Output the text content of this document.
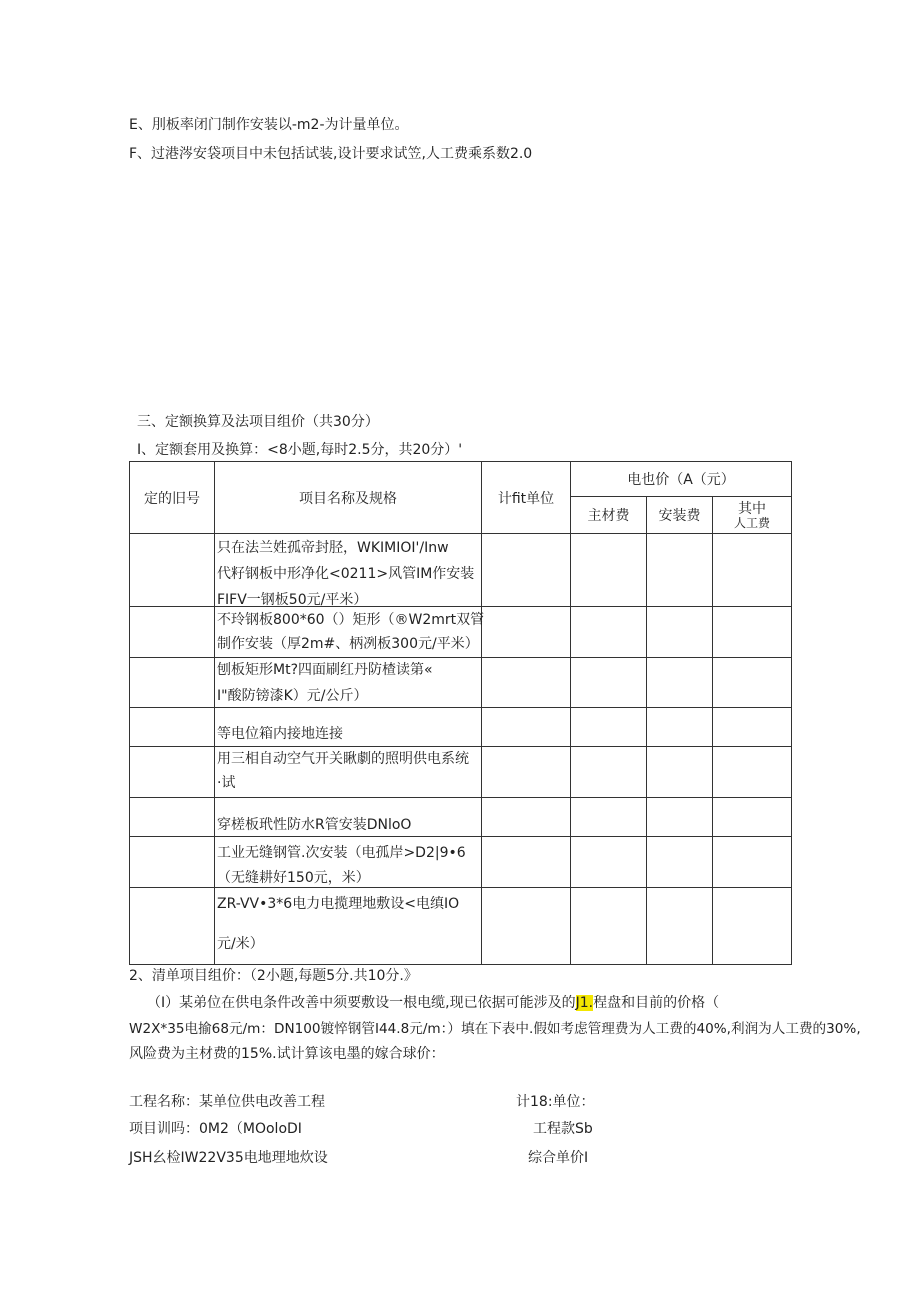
E、刖板率闭门制作安装以-m2-为计量单位。
F、过港涔安袋项目中未包括试装,设计要求试笠,人工费乘系数2.0
三、定额换算及法项目组价（共30分）
I、定额套用及换算：<8小题,每时2.5分，共20分）'
定的旧号	项目名称及规格	计fit单位	电也价（A（元）		
			主材费	安装费	其中
人工费

	只在法兰姓孤帝封胫，WKIMIOI'/Inw
代籽钢板中形净化<0211>风管IM作安装
FIFV一钢板50元/平米）				

	不玲钢板800*60（）矩形（®W2mrt双管
制作安装（厚2m#、柄冽板300元/平米）				

	刨板矩形Mt?四面刷红丹防楂读第«
I"酸防镑漆K）元/公斤）				

	等电位箱内接地连接				

	用三相自动空气开关瞅劇的照明供电系统
·试				

	穿槎板玳性防水R管安装DNloO				

	工业无缝钢管.次安装（电孤岸>D2|9•6
（无缝耕好150元，米）				

	ZR-VV•3*6电力电揽理地敷设<电缜IO
元/米）				

2、清单项目组价：（2小题,每题5分.共10分.》
（I）某弟位在供电条件改善中须要敷设一根电缆,现已依据可能涉及的J1.程盘和目前的价格（
W2X*35电揄68元/m：DN100镀悴钢管I44.8元/m：）填在下表中.假如考虑管理费为人工费的40%,利润为人工费的30%,
风险费为主材费的15%.试计算该电墨的嫁合球价：
工程名称：某单位供电改善工程	计18:单位：
项目训吗：0M2（MOoloDI	工程款Sb
JSH幺检IW22V35电地理地炊设	综合单价I
